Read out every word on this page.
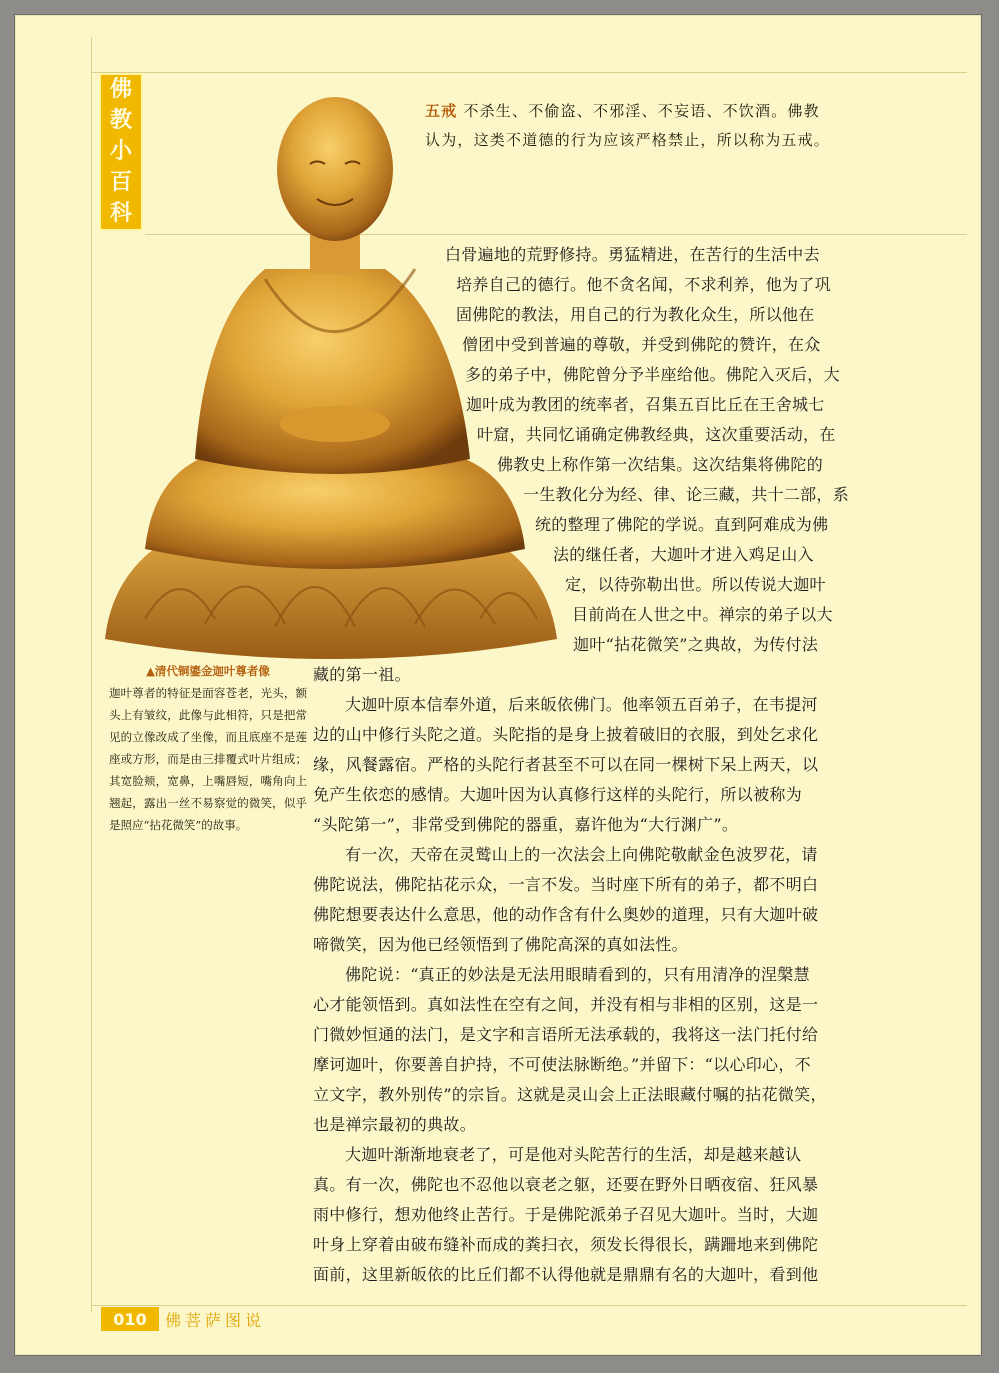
佛
教
小
百
科
五戒 不杀生、不偷盗、不邪淫、不妄语、不饮酒。佛教
认为，这类不道德的行为应该严格禁止，所以称为五戒。
▲清代铜鎏金迦叶尊者像
迦叶尊者的特征是面容苍老，光头，额头上有皱纹，此像与此相符，只是把常见的立像改成了坐像，而且底座不是莲座或方形，而是由三排覆式叶片组成；其宽脸颊，宽鼻，上嘴唇短，嘴角向上翘起，露出一丝不易察觉的微笑，似乎是照应“拈花微笑”的故事。
白骨遍地的荒野修持。勇猛精进，在苦行的生活中去
培养自己的德行。他不贪名闻，不求利养，他为了巩
固佛陀的教法，用自己的行为教化众生，所以他在
僧团中受到普遍的尊敬，并受到佛陀的赞许，在众
多的弟子中，佛陀曾分予半座给他。佛陀入灭后，大
迦叶成为教团的统率者，召集五百比丘在王舍城七
叶窟，共同忆诵确定佛教经典，这次重要活动，在
佛教史上称作第一次结集。这次结集将佛陀的
一生教化分为经、律、论三藏，共十二部，系
统的整理了佛陀的学说。直到阿难成为佛
法的继任者，大迦叶才进入鸡足山入
定，以待弥勒出世。所以传说大迦叶
目前尚在人世之中。禅宗的弟子以大
迦叶“拈花微笑”之典故，为传付法
藏的第一祖。
大迦叶原本信奉外道，后来皈依佛门。他率领五百弟子，在韦提河
边的山中修行头陀之道。头陀指的是身上披着破旧的衣服，到处乞求化
缘，风餐露宿。严格的头陀行者甚至不可以在同一棵树下呆上两天，以
免产生依恋的感情。大迦叶因为认真修行这样的头陀行，所以被称为
“头陀第一”，非常受到佛陀的器重，嘉许他为“大行渊广”。
有一次，天帝在灵鹫山上的一次法会上向佛陀敬献金色波罗花，请
佛陀说法，佛陀拈花示众，一言不发。当时座下所有的弟子，都不明白
佛陀想要表达什么意思，他的动作含有什么奥妙的道理，只有大迦叶破
啼微笑，因为他已经领悟到了佛陀高深的真如法性。
佛陀说：“真正的妙法是无法用眼睛看到的，只有用清净的涅槃慧
心才能领悟到。真如法性在空有之间，并没有相与非相的区别，这是一
门微妙恒通的法门，是文字和言语所无法承载的，我将这一法门托付给
摩诃迦叶，你要善自护持，不可使法脉断绝。”并留下：“以心印心，不
立文字，教外别传”的宗旨。这就是灵山会上正法眼藏付嘱的拈花微笑，
也是禅宗最初的典故。
大迦叶渐渐地衰老了，可是他对头陀苦行的生活，却是越来越认
真。有一次，佛陀也不忍他以衰老之躯，还要在野外日晒夜宿、狂风暴
雨中修行，想劝他终止苦行。于是佛陀派弟子召见大迦叶。当时，大迦
叶身上穿着由破布缝补而成的粪扫衣，须发长得很长，蹒跚地来到佛陀
面前，这里新皈依的比丘们都不认得他就是鼎鼎有名的大迦叶，看到他
010	佛菩萨图说
